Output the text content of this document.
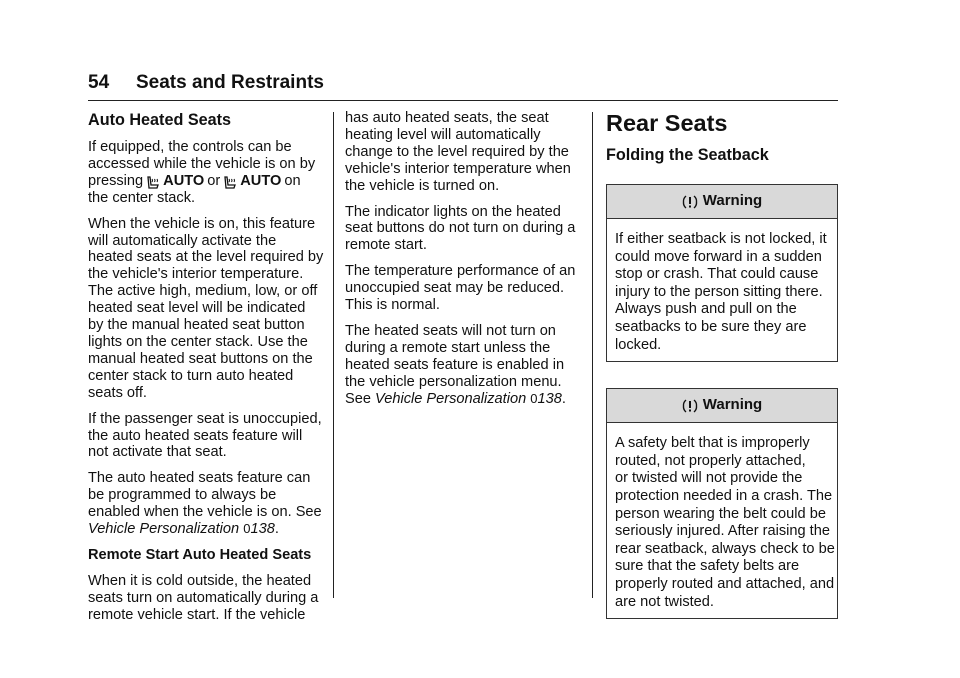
54 Seats and Restraints
Auto Heated Seats

If equipped, the controls can be
accessed while the vehicle is on by

pressing AUTO or AUTO on
the center stack.

When the vehicle is on, this feature
will automatically activate the
heated seats at the level required by
the vehicle's interior temperature.
The active high, medium, low, or off
heated seat level will be indicated
by the manual heated seat button
lights on the center stack. Use the
manual heated seat buttons on the
center stack to turn auto heated
seats off.

If the passenger seat is unoccupied,
the auto heated seats feature will
not activate that seat.

The auto heated seats feature can
be programmed to always be
enabled when the vehicle is on. See
Vehicle Personalization 0138.

Remote Start Auto Heated Seats

When it is cold outside, the heated
seats turn on automatically during a
remote vehicle start. If the vehicle

has auto heated seats, the seat
heating level will automatically
change to the level required by the
vehicle's interior temperature when
the vehicle is turned on.

The indicator lights on the heated
seat buttons do not turn on during a
remote start.

The temperature performance of an
unoccupied seat may be reduced.
This is normal.

The heated seats will not turn on
during a remote start unless the
heated seats feature is enabled in
the vehicle personalization menu.
See Vehicle Personalization 0138.

Rear Seats
Folding the Seatback
Warning

If either seatback is not locked, it

could move forward in a sudden

stop or crash. That could cause

injury to the person sitting there.

Always push and pull on the

seatbacks to be sure they are

locked.

Warning

A safety belt that is improperly

routed, not properly attached,

or twisted will not provide the

protection needed in a crash. The

person wearing the belt could be

seriously injured. After raising the

rear seatback, always check to be

sure that the safety belts are

properly routed and attached, and

are not twisted.
